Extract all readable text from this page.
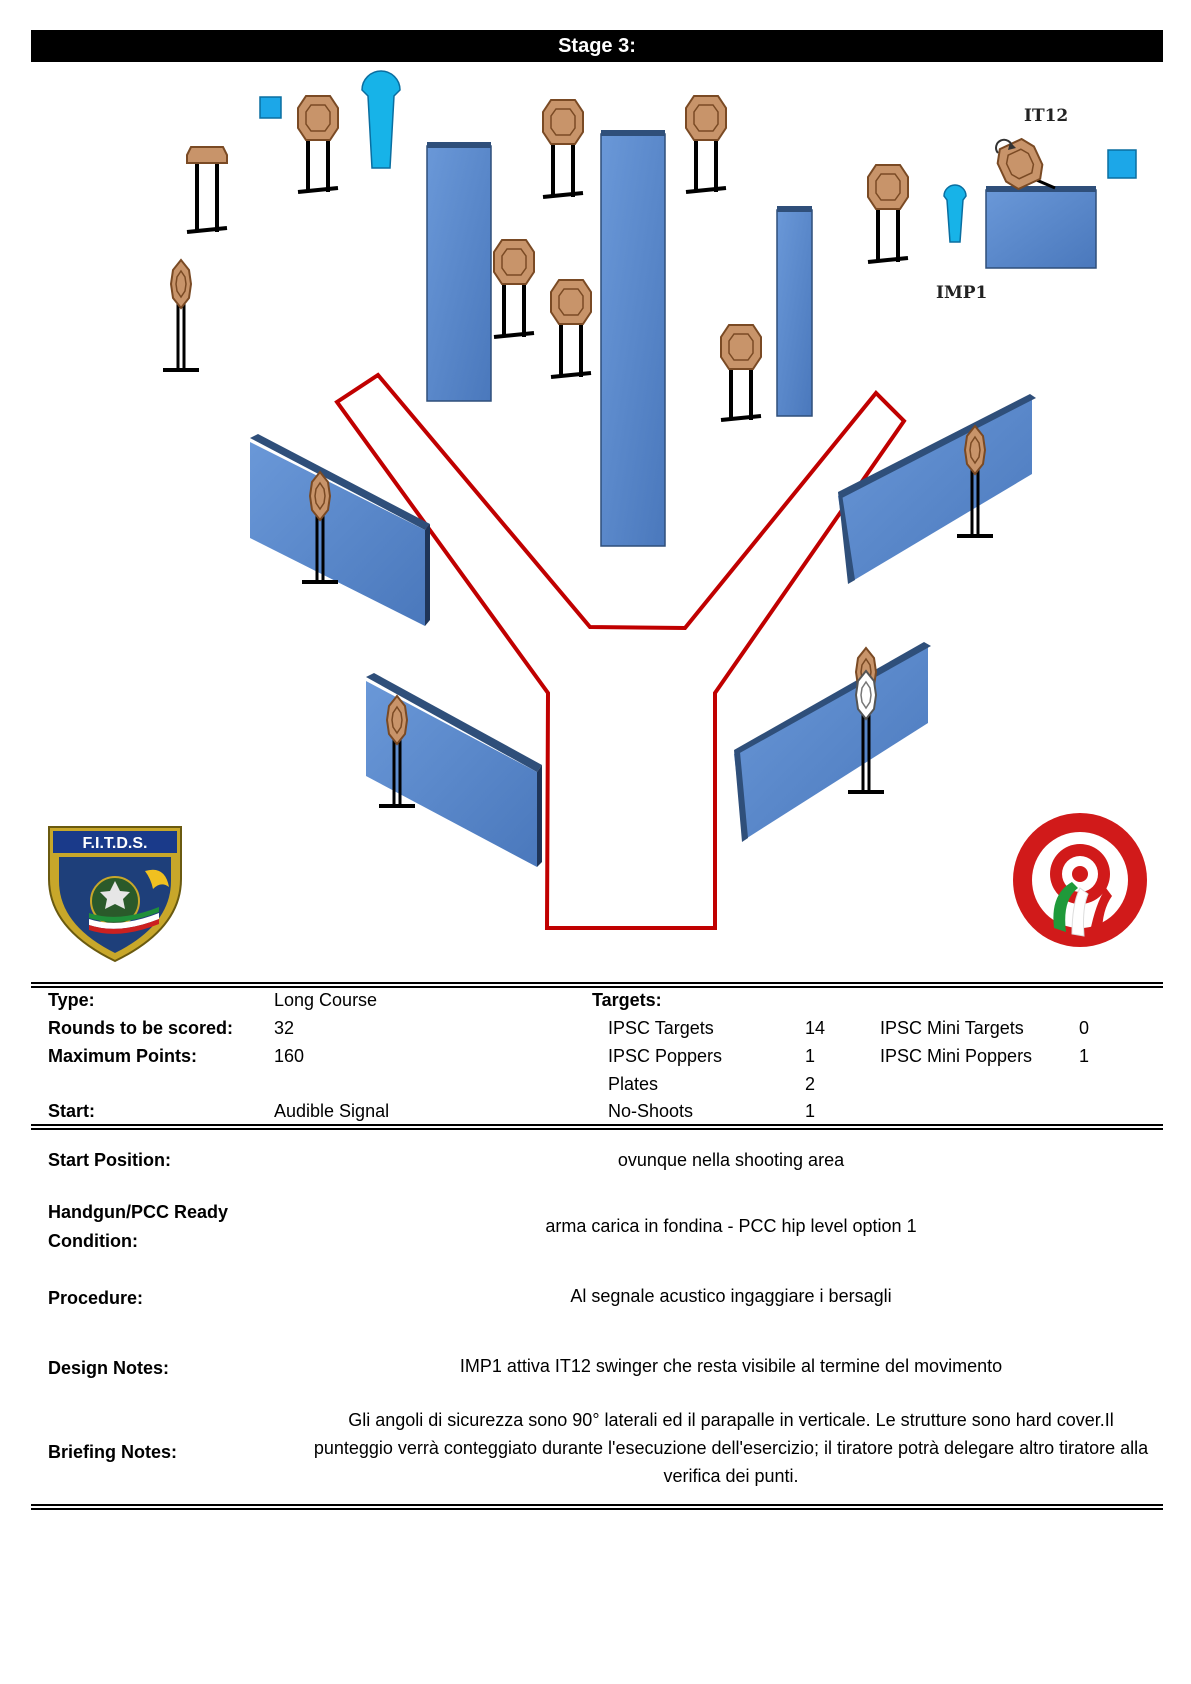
Stage 3:
IT12
IMP1
F.I.T.D.S.
Type:	Long Course	Targets:
Rounds to be scored: 32	IPSC Targets	14	IPSC Mini Targets	0
Maximum Points:	160	IPSC Poppers	1	IPSC Mini Poppers	1
Plates	2
Start:	Audible Signal	No-Shoots	1
Start Position:	ovunque nella shooting area
Handgun/PCC Ready
Condition:
arma carica in fondina - PCC hip level option 1
Procedure:	Al segnale acustico ingaggiare i bersagli
Design Notes:	IMP1 attiva IT12 swinger che resta visibile al termine del movimento
Briefing Notes:
Gli angoli di sicurezza sono 90° laterali ed il parapalle in verticale. Le strutture sono hard cover.Il punteggio verrà conteggiato durante l'esecuzione dell'esercizio; il tiratore potrà delegare altro tiratore alla verifica dei punti.
